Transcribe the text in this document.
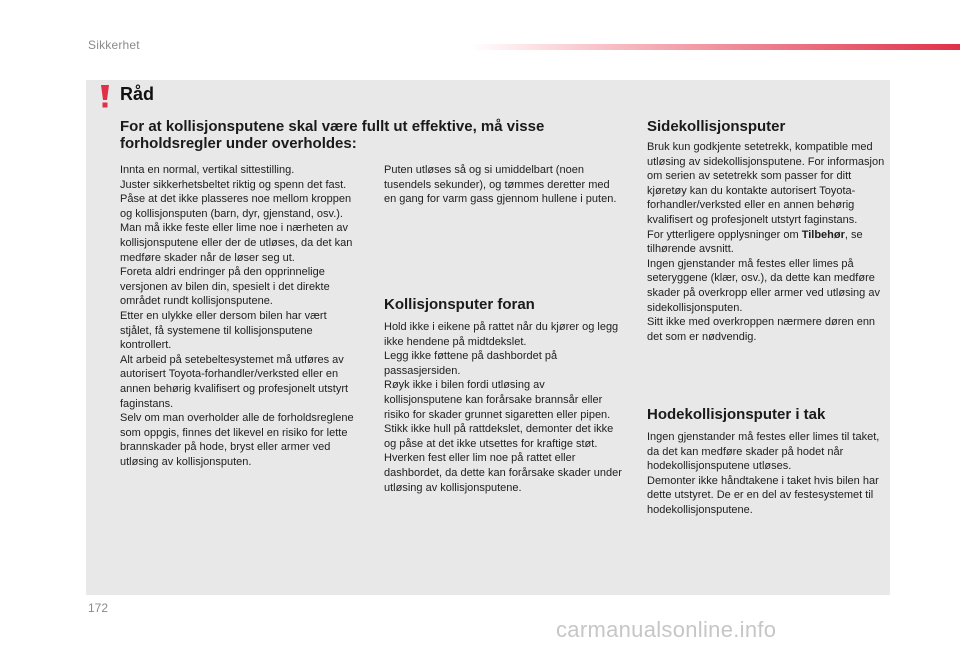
Sikkerhet
Råd
For at kollisjonsputene skal være fullt ut effektive, må visse forholdsregler under overholdes:

Innta en normal, vertikal sittestilling.

Juster sikkerhetsbeltet riktig og spenn det fast.

Påse at det ikke plasseres noe mellom kroppen og kollisjonsputen (barn, dyr, gjenstand, osv.). Man må ikke feste eller lime noe i nærheten av kollisjonsputene eller der de utløses, da det kan medføre skader når de løser seg ut.

Foreta aldri endringer på den opprinnelige versjonen av bilen din, spesielt i det direkte området rundt kollisjonsputene.

Etter en ulykke eller dersom bilen har vært stjålet, få systemene til kollisjonsputene kontrollert.

Alt arbeid på setebeltesystemet må utføres av autorisert Toyota-forhandler/verksted eller en annen behørig kvalifisert og profesjonelt utstyrt faginstans.

Selv om man overholder alle de forholdsreglene som oppgis, finnes det likevel en risiko for lette brannskader på hode, bryst eller armer ved utløsing av kollisjonsputen.

Puten utløses så og si umiddelbart (noen tusendels sekunder), og tømmes deretter med en gang for varm gass gjennom hullene i puten.

Kollisjonsputer foran

Hold ikke i eikene på rattet når du kjører og legg ikke hendene på midtdekslet.

Legg ikke føttene på dashbordet på passasjersiden.

Røyk ikke i bilen fordi utløsing av kollisjonsputene kan forårsake brannsår eller risiko for skader grunnet sigaretten eller pipen.

Stikk ikke hull på rattdekslet, demonter det ikke og påse at det ikke utsettes for kraftige støt.

Hverken fest eller lim noe på rattet eller dashbordet, da dette kan forårsake skader under utløsing av kollisjonsputene.

Sidekollisjonsputer

Bruk kun godkjente setetrekk, kompatible med utløsing av sidekollisjonsputene. For informasjon om serien av setetrekk som passer for ditt kjøretøy kan du kontakte autorisert Toyota-forhandler/verksted eller en annen behørig kvalifisert og profesjonelt utstyrt faginstans.

For ytterligere opplysninger om Tilbehør, se tilhørende avsnitt.

Ingen gjenstander må festes eller limes på seteryggene (klær, osv.), da dette kan medføre skader på overkropp eller armer ved utløsing av sidekollisjonsputen.

Sitt ikke med overkroppen nærmere døren enn det som er nødvendig.

Hodekollisjonsputer i tak

Ingen gjenstander må festes eller limes til taket, da det kan medføre skader på hodet når hodekollisjonsputene utløses.

Demonter ikke håndtakene i taket hvis bilen har dette utstyret. De er en del av festesystemet til hodekollisjonsputene.

172
carmanualsonline.info
